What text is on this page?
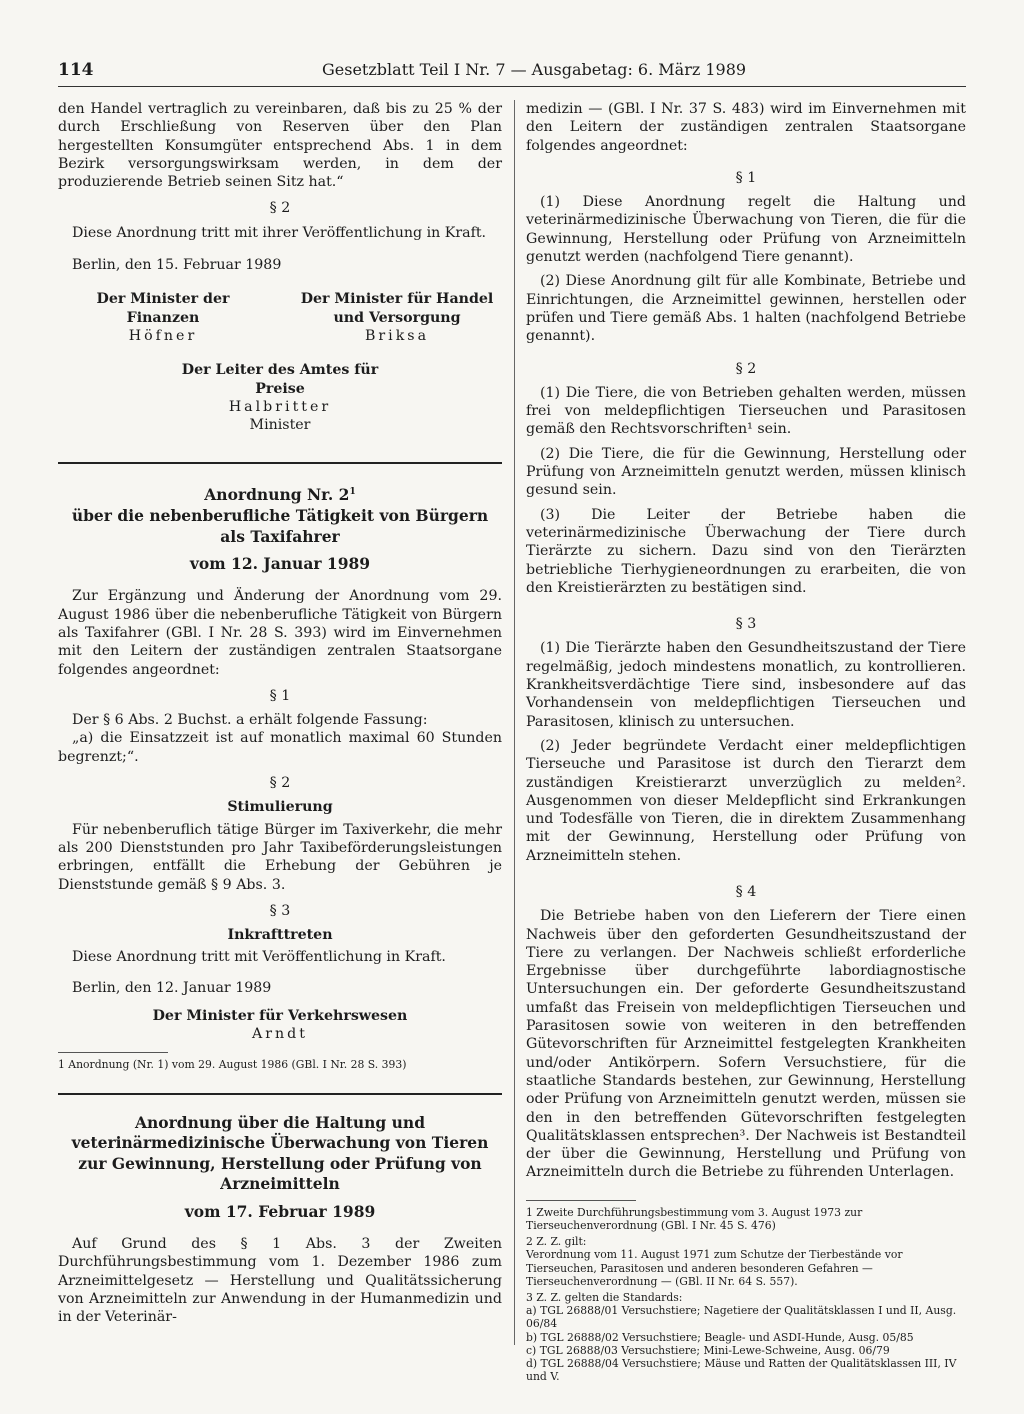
114	Gesetzblatt Teil I Nr. 7 — Ausgabetag: 6. März 1989

den Handel vertraglich zu vereinbaren, daß bis zu 25 % der durch Erschließung von Reserven über den Plan hergestellten Konsumgüter entsprechend Abs. 1 in dem Bezirk versorgungswirksam werden, in dem der produzierende Betrieb seinen Sitz hat.“

§ 2

Diese Anordnung tritt mit ihrer Veröffentlichung in Kraft.

Berlin, den 15. Februar 1989

Der Minister der Finanzen
Höfner
Der Minister für Handel und Versorgung
Briksa
Der Leiter des Amtes für Preise
Halbritter
Minister
Anordnung Nr. $2^1$
über die nebenberufliche Tätigkeit von Bürgern als Taxifahrer
vom 12. Januar 1989

Zur Ergänzung und Änderung der Anordnung vom 29. August 1986 über die nebenberufliche Tätigkeit von Bürgern als Taxifahrer (GBl. I Nr. 28 S. 393) wird im Einvernehmen mit den Leitern der zuständigen zentralen Staatsorgane folgendes angeordnet:

§ 1

Der § 6 Abs. 2 Buchst. a erhält folgende Fassung:

„a) die Einsatzzeit ist auf monatlich maximal 60 Stunden begrenzt;“.

§ 2
Stimulierung

Für nebenberuflich tätige Bürger im Taxiverkehr, die mehr als 200 Dienststunden pro Jahr Taxibeförderungsleistungen erbringen, entfällt die Erhebung der Gebühren je Dienststunde gemäß § 9 Abs. 3.

§ 3
Inkrafttreten

Diese Anordnung tritt mit Veröffentlichung in Kraft.

Berlin, den 12. Januar 1989

Der Minister für Verkehrswesen
Arndt
1 Anordnung (Nr. 1) vom 29. August 1986 (GBl. I Nr. 28 S. 393)
Anordnung über die Haltung und veterinärmedizinische Überwachung von Tieren zur Gewinnung, Herstellung oder Prüfung von Arzneimitteln
vom 17. Februar 1989

Auf Grund des § 1 Abs. 3 der Zweiten Durchführungsbestimmung vom 1. Dezember 1986 zum Arzneimittelgesetz — Herstellung und Qualitätssicherung von Arzneimitteln zur Anwendung in der Humanmedizin und in der Veterinär-

medizin — (GBl. I Nr. 37 S. 483) wird im Einvernehmen mit den Leitern der zuständigen zentralen Staatsorgane folgendes angeordnet:

§ 1

(1) Diese Anordnung regelt die Haltung und veterinärmedizinische Überwachung von Tieren, die für die Gewinnung, Herstellung oder Prüfung von Arzneimitteln genutzt werden (nachfolgend Tiere genannt).

(2) Diese Anordnung gilt für alle Kombinate, Betriebe und Einrichtungen, die Arzneimittel gewinnen, herstellen oder prüfen und Tiere gemäß Abs. 1 halten (nachfolgend Betriebe genannt).

§ 2

(1) Die Tiere, die von Betrieben gehalten werden, müssen frei von meldepflichtigen Tierseuchen und Parasitosen gemäß den Rechtsvorschriften¹ sein.

(2) Die Tiere, die für die Gewinnung, Herstellung oder Prüfung von Arzneimitteln genutzt werden, müssen klinisch gesund sein.

(3) Die Leiter der Betriebe haben die veterinärmedizinische Überwachung der Tiere durch Tierärzte zu sichern. Dazu sind von den Tierärzten betriebliche Tierhygieneordnungen zu erarbeiten, die von den Kreistierärzten zu bestätigen sind.

§ 3

(1) Die Tierärzte haben den Gesundheitszustand der Tiere regelmäßig, jedoch mindestens monatlich, zu kontrollieren. Krankheitsverdächtige Tiere sind, insbesondere auf das Vorhandensein von meldepflichtigen Tierseuchen und Parasitosen, klinisch zu untersuchen.

(2) Jeder begründete Verdacht einer meldepflichtigen Tierseuche und Parasitose ist durch den Tierarzt dem zuständigen Kreistierarzt unverzüglich zu melden². Ausgenommen von dieser Meldepflicht sind Erkrankungen und Todesfälle von Tieren, die in direktem Zusammenhang mit der Gewinnung, Herstellung oder Prüfung von Arzneimitteln stehen.

§ 4

Die Betriebe haben von den Lieferern der Tiere einen Nachweis über den geforderten Gesundheitszustand der Tiere zu verlangen. Der Nachweis schließt erforderliche Ergebnisse über durchgeführte labordiagnostische Untersuchungen ein. Der geforderte Gesundheitszustand umfaßt das Freisein von meldepflichtigen Tierseuchen und Parasitosen sowie von weiteren in den betreffenden Gütevorschriften für Arzneimittel festgelegten Krankheiten und/oder Antikörpern. Sofern Versuchstiere, für die staatliche Standards bestehen, zur Gewinnung, Herstellung oder Prüfung von Arzneimitteln genutzt werden, müssen sie den in den betreffenden Gütevorschriften festgelegten Qualitätsklassen entsprechen³. Der Nachweis ist Bestandteil der über die Gewinnung, Herstellung und Prüfung von Arzneimitteln durch die Betriebe zu führenden Unterlagen.

1 Zweite Durchführungsbestimmung vom 3. August 1973 zur Tierseuchenverordnung (GBl. I Nr. 45 S. 476)
2 Z. Z. gilt:
Verordnung vom 11. August 1971 zum Schutze der Tierbestände vor Tierseuchen, Parasitosen und anderen besonderen Gefahren — Tierseuchenverordnung — (GBl. II Nr. 64 S. 557).
3 Z. Z. gelten die Standards:
a) TGL 26888/01 Versuchstiere; Nagetiere der Qualitätsklassen I und II, Ausg. 06/84
b) TGL 26888/02 Versuchstiere; Beagle- und ASDI-Hunde, Ausg. 05/85
c) TGL 26888/03 Versuchstiere; Mini-Lewe-Schweine, Ausg. 06/79
d) TGL 26888/04 Versuchstiere; Mäuse und Ratten der Qualitätsklassen III, IV und V.
